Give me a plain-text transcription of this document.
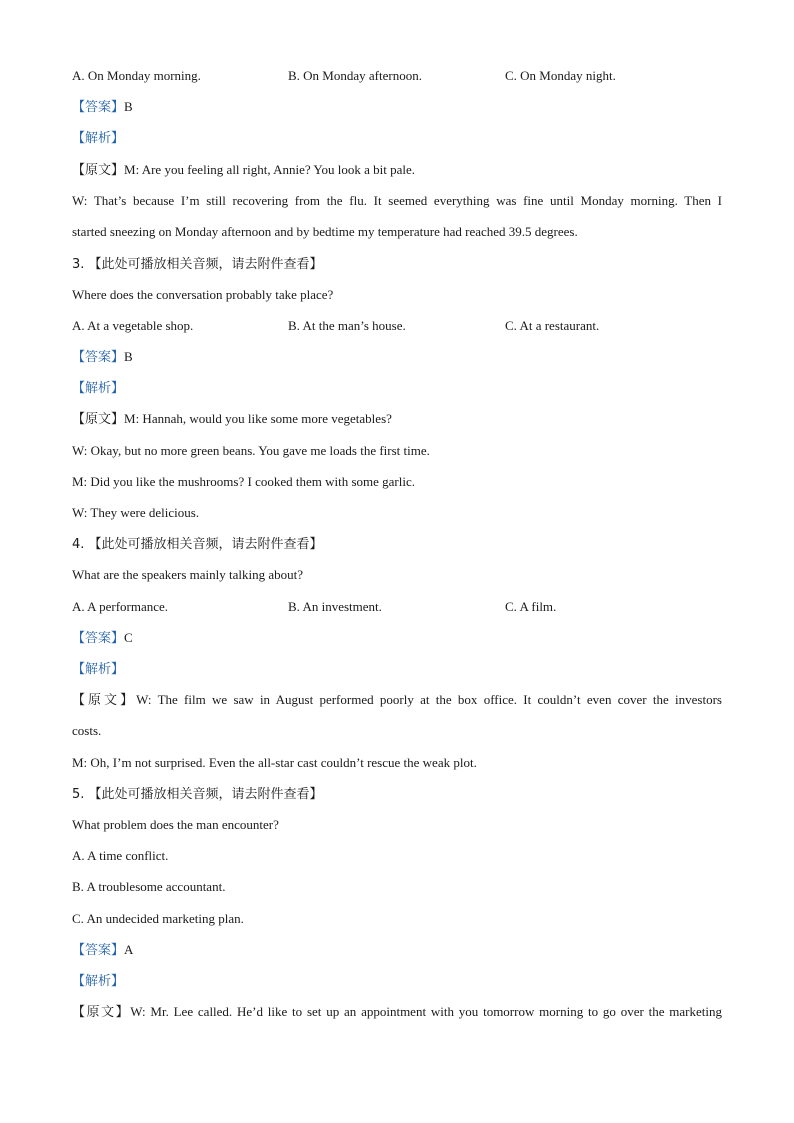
A. On Monday morning.	B. On Monday afternoon.	C. On Monday night.
【答案】B
【解析】
【原文】M: Are you feeling all right, Annie? You look a bit pale.
W: That’s because I’m still recovering from the flu. It seemed everything was fine until Monday morning. Then I
started sneezing on Monday afternoon and by bedtime my temperature had reached 39.5 degrees.
3. 【此处可播放相关音频，请去附件查看】
Where does the conversation probably take place?
A. At a vegetable shop.	B. At the man’s house.	C. At a restaurant.
【答案】B
【解析】
【原文】M: Hannah, would you like some more vegetables?
W: Okay, but no more green beans. You gave me loads the first time.
M: Did you like the mushrooms? I cooked them with some garlic.
W: They were delicious.
4. 【此处可播放相关音频，请去附件查看】
What are the speakers mainly talking about?
A. A performance.	B. An investment.	C. A film.
【答案】C
【解析】
【原文】W: The film we saw in August performed poorly at the box office. It couldn’t even cover the investors
costs.
M: Oh, I’m not surprised. Even the all-star cast couldn’t rescue the weak plot.
5. 【此处可播放相关音频，请去附件查看】
What problem does the man encounter?
A. A time conflict.
B. A troublesome accountant.
C. An undecided marketing plan.
【答案】A
【解析】
【原文】W: Mr. Lee called. He’d like to set up an appointment with you tomorrow morning to go over the marketing
